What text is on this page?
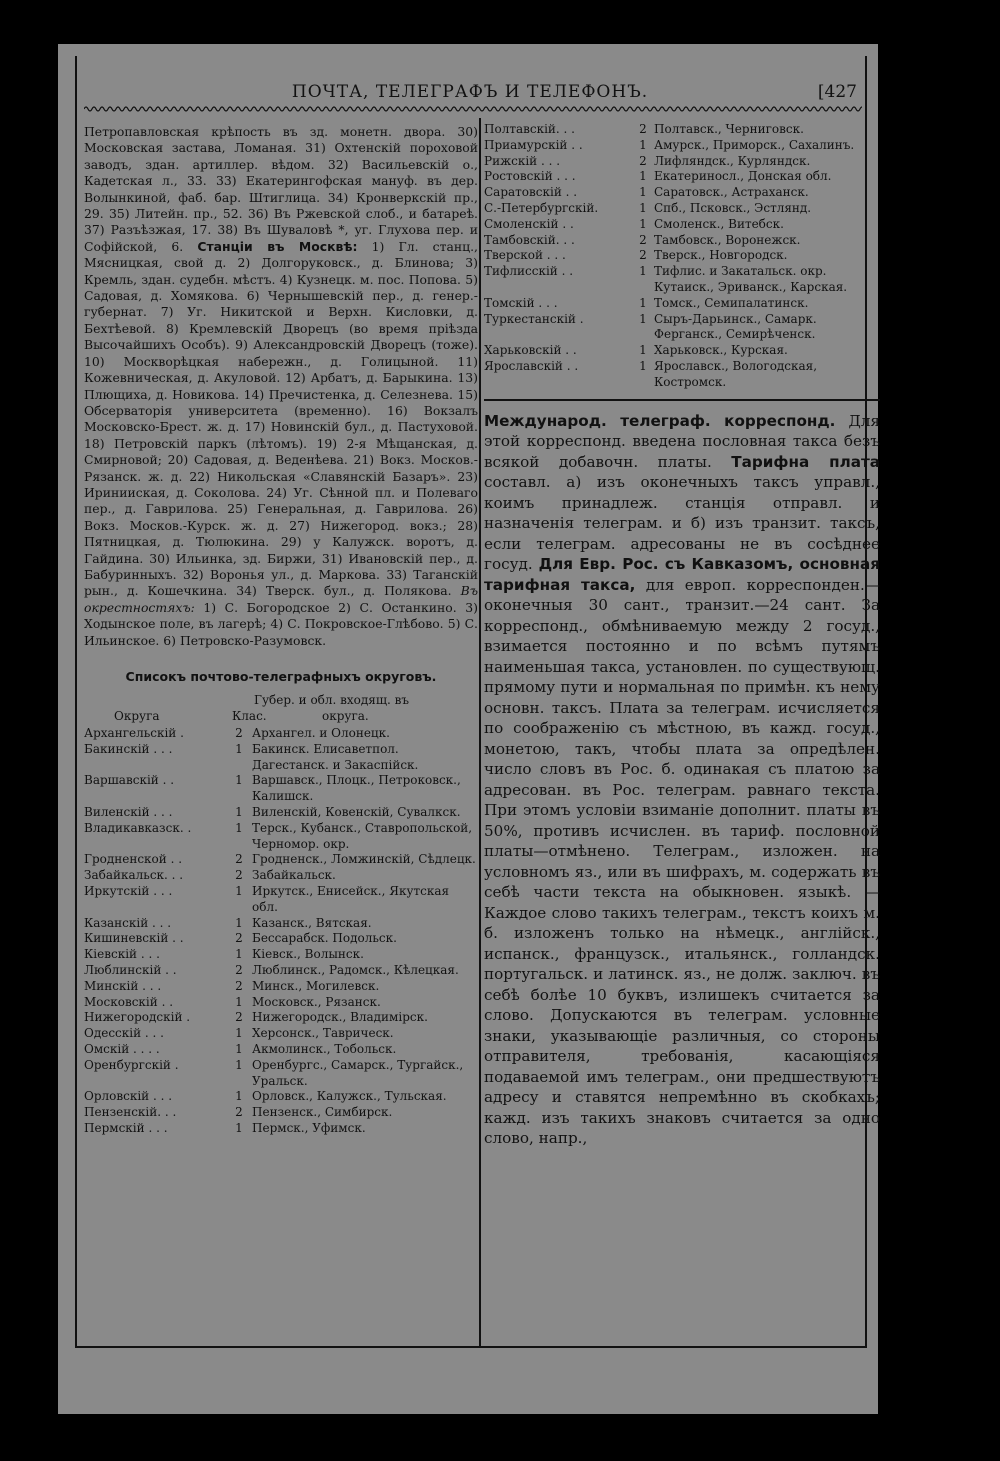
ПОЧТА, ТЕЛЕГРАФЪ И ТЕЛЕФОНЪ.	[427

Петропавловская крѣпость въ зд. монетн. двора. 30) Московская застава, Ломаная. 31) Охтенскій пороховой заводъ, здан. артиллер. вѣдом. 32) Васильевскій о., Кадетская л., 33. 33) Екатерингофская мануф. въ дер. Волынкиной, фаб. бар. Штиглица. 34) Кронверкскій пр., 29. 35) Литейн. пр., 52. 36) Въ Ржевской слоб., и батареѣ. 37) Разъѣзжая, 17. 38) Въ Шуваловѣ *, уг. Глухова пер. и Софійской, 6. Станціи въ Москвѣ: 1) Гл. станц., Мясницкая, свой д. 2) Долгоруковск., д. Блинова; 3) Кремль, здан. судебн. мѣстъ. 4) Кузнецк. м. пос. Попова. 5) Садовая, д. Хомякова. 6) Чернышевскій пер., д. генер.-губернат. 7) Уг. Никитской и Верхн. Кисловки, д. Бехтѣевой. 8) Кремлевскій Дворецъ (во время пріѣзда Высочайшихъ Особъ). 9) Александровскій Дворецъ (тоже). 10) Москворѣцкая набережн., д. Голицыной. 11) Кожевническая, д. Акуловой. 12) Арбатъ, д. Барыкина. 13) Плющиха, д. Новикова. 14) Пречистенка, д. Селезнева. 15) Обсерваторія университета (временно). 16) Вокзалъ Московско-Брест. ж. д. 17) Новинскій бул., д. Пастуховой. 18) Петровскій паркъ (лѣтомъ). 19) 2-я Мѣщанская, д. Смирновой; 20) Садовая, д. Веденѣева. 21) Вокз. Москов.-Рязанск. ж. д. 22) Никольская «Славянскій Базаръ». 23) Иринииская, д. Соколова. 24) Уг. Сѣнной пл. и Полеваго пер., д. Гаврилова. 25) Генеральная, д. Гаврилова. 26) Вокз. Москов.-Курск. ж. д. 27) Нижегород. вокз.; 28) Пятницкая, д. Тюлюкина. 29) у Калужск. воротъ, д. Гайдина. 30) Ильинка, зд. Биржи, 31) Ивановскій пер., д. Бабуринныхъ. 32) Воронья ул., д. Маркова. 33) Таганскій рын., д. Кошечкина. 34) Тверск. бул., д. Полякова. Въ окрестностяхъ: 1) С. Богородское 2) С. Останкино. 3) Ходынское поле, въ лагерѣ; 4) С. Покровское-Глѣбово. 5) С. Ильинское. 6) Петровско-Разумовск.

Списокъ почтово-телеграфныхъ округовъ.
Губер. и обл. входящ. въ
Округа	Клас.	округа.
Архангельскій .	2 Архангел. и Олонецк.
Бакинскій . . .	1 Бакинск. Елисаветпол. Дагестанск. и Закаспійск.
Варшавскій . .	1 Варшавск., Плоцк., Петроковск., Калишск.
Виленскій . . .	1 Виленскій, Ковенскій, Сувалкск.
Владикавказск. .	1 Терск., Кубанск., Ставропольской, Черномор. окр.
Гродненской . .	2 Гродненск., Ломжинскій, Сѣдлецк.
Забайкальск. . .	2 Забайкальск.
Иркутскій . . .	1 Иркутск., Енисейск., Якутская обл.
Казанскій . . .	1 Казанск., Вятская.
Кишиневскій . .	2 Бессарабск. Подольск.
Кіевскій . . .	1 Кіевск., Волынск.
Люблинскій . .	2 Люблинск., Радомск., Кѣлецкая.
Минскій . . .	2 Минск., Могилевск.
Московскій . .	1 Московск., Рязанск.
Нижегородскій .	2 Нижегородск., Владимірск.
Одесскій . . .	1 Херсонск., Таврическ.
Омскій . . . .	1 Акмолинск., Тобольск.
Оренбургскій .	1 Оренбургс., Самарск., Тургайск., Уральск.
Орловскій . . .	1 Орловск., Калужск., Тульская.
Пензенскій. . .	2 Пензенск., Симбирск.
Пермскій . . .	1 Пермск., Уфимск.
Полтавскій. . .	2 Полтавск., Черниговск.
Приамурскій . .	1 Амурск., Приморск., Сахалинъ.
Рижскій . . .	2 Лифляндск., Курляндск.
Ростовскій . . .	1 Екатериносл., Донская обл.
Саратовскій . .	1 Саратовск., Астраханск.
С.-Петербургскій.	1 Спб., Псковск., Эстлянд.
Смоленскій . .	1 Смоленск., Витебск.
Тамбовскій. . .	2 Тамбовск., Воронежск.
Тверской . . .	2 Тверск., Новгородск.
Тифлисскій . .	1 Тифлис. и Закатальск. окр. Кутаиск., Эриванск., Карская.
Томскій . . .	1 Томск., Семипалатинск.
Туркестанскій .	1 Сыръ-Дарьинск., Самарк. Ферганск., Семирѣченск.
Харьковскій . .	1 Харьковск., Курская.
Ярославскій . .	1 Ярославск., Вологодская, Костромск.

Международ. телеграф. корреспонд. Для этой корреспонд. введена пословная такса безъ всякой добавочн. платы. Тарифна плата составл. а) изъ оконечныхъ таксъ управл., коимъ принадлеж. станція отправл. и назначенія телеграм. и б) изъ транзит. таксъ, если телеграм. адресованы не въ сосѣднее госуд. Для Евр. Рос. съ Кавказомъ, основная тарифная такса, для европ. корреспонден.—оконечныя 30 сант., транзит.—24 сант. За корреспонд., обмѣниваемую между 2 госуд., взимается постоянно и по всѣмъ путямъ наименьшая такса, установлен. по существующ. прямому пути и нормальная по примѣн. къ нему основн. таксъ. Плата за телеграм. исчисляется по соображенію съ мѣстною, въ кажд. госуд., монетою, такъ, чтобы плата за опредѣлен. число словъ въ Рос. б. одинакая съ платою за адресован. въ Рос. телеграм. равнаго текста. При этомъ условіи взиманіе дополнит. платы въ 50%, противъ исчислен. въ тариф. пословной платы—отмѣнено. Телеграм., изложен. на условномъ яз., или въ шифрахъ, м. содержать въ себѣ части текста на обыкновен. языкѣ. — Каждое слово такихъ телеграм., текстъ коихъ м. б. изложенъ только на нѣмецк., англійск., испанск., французск., итальянск., голландск. португальск. и латинск. яз., не долж. заключ. въ себѣ болѣе 10 буквъ, излишекъ считается за слово. Допускаются въ телеграм. условные знаки, указывающіе различныя, со стороны отправителя, требованія, касающіяся подаваемой имъ телеграм., они предшествуютъ адресу и ставятся непремѣнно въ скобкахъ; кажд. изъ такихъ знаковъ считается за одно слово, напр.,
